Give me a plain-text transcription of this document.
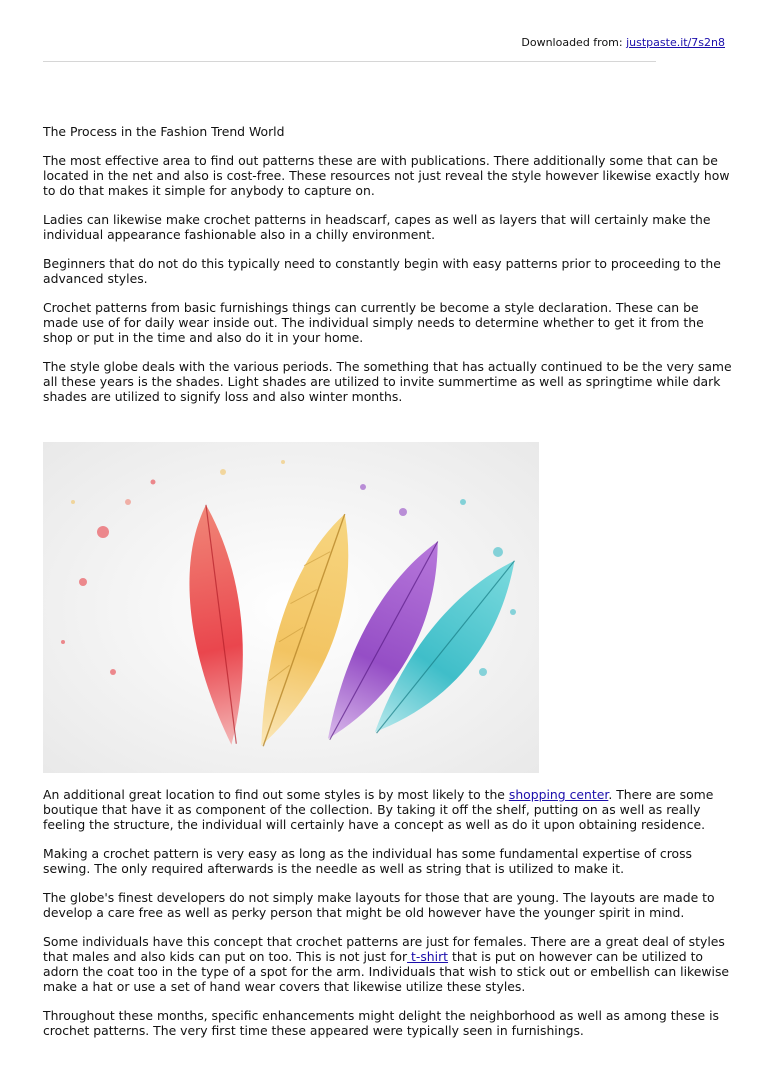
Downloaded from: justpaste.it/7s2n8

The Process in the Fashion Trend World

The most effective area to find out patterns these are with publications. There additionally some that can be located in the net and also is cost-free. These resources not just reveal the style however likewise exactly how to do that makes it simple for anybody to capture on.

Ladies can likewise make crochet patterns in headscarf, capes as well as layers that will certainly make the individual appearance fashionable also in a chilly environment.

Beginners that do not do this typically need to constantly begin with easy patterns prior to proceeding to the advanced styles.

Crochet patterns from basic furnishings things can currently be become a style declaration. These can be made use of for daily wear inside out. The individual simply needs to determine whether to get it from the shop or put in the time and also do it in your home.

The style globe deals with the various periods. The something that has actually continued to be the very same all these years is the shades. Light shades are utilized to invite summertime as well as springtime while dark shades are utilized to signify loss and also winter months.

An additional great location to find out some styles is by most likely to the shopping center. There are some boutique that have it as component of the collection. By taking it off the shelf, putting on as well as really feeling the structure, the individual will certainly have a concept as well as do it upon obtaining residence.

Making a crochet pattern is very easy as long as the individual has some fundamental expertise of cross sewing. The only required afterwards is the needle as well as string that is utilized to make it.

The globe's finest developers do not simply make layouts for those that are young. The layouts are made to develop a care free as well as perky person that might be old however have the younger spirit in mind.

Some individuals have this concept that crochet patterns are just for females. There are a great deal of styles that males and also kids can put on too. This is not just for t-shirt that is put on however can be utilized to adorn the coat too in the type of a spot for the arm. Individuals that wish to stick out or embellish can likewise make a hat or use a set of hand wear covers that likewise utilize these styles.

Throughout these months, specific enhancements might delight the neighborhood as well as among these is crochet patterns. The very first time these appeared were typically seen in furnishings.
